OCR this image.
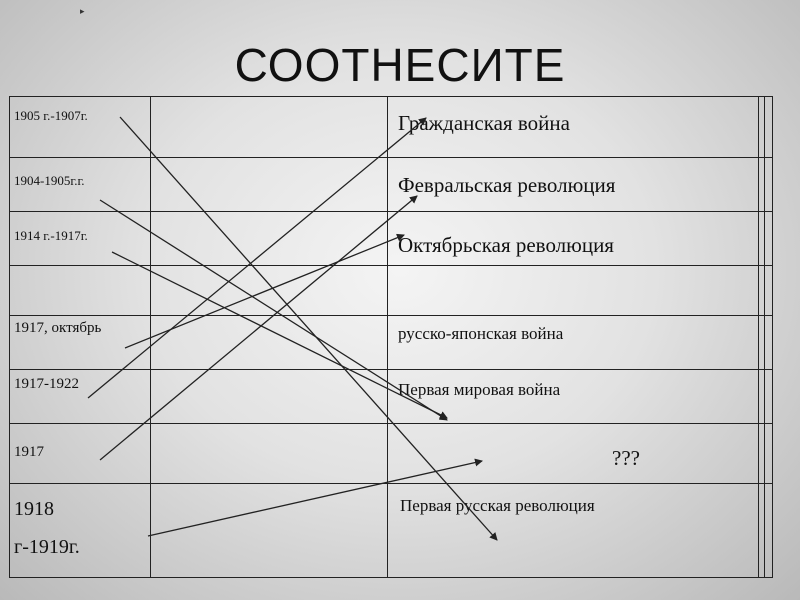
▸
СООТНЕСИТЕ
1905 г.-1907г.
1904-1905г.г.
1914 г.-1917г.
1917, октябрь
1917-1922
1917
1918
г-1919г.
Гражданская война
Февральская революция
Октябрьская революция
русско-японская война
Первая мировая война
???
Первая русская революция
